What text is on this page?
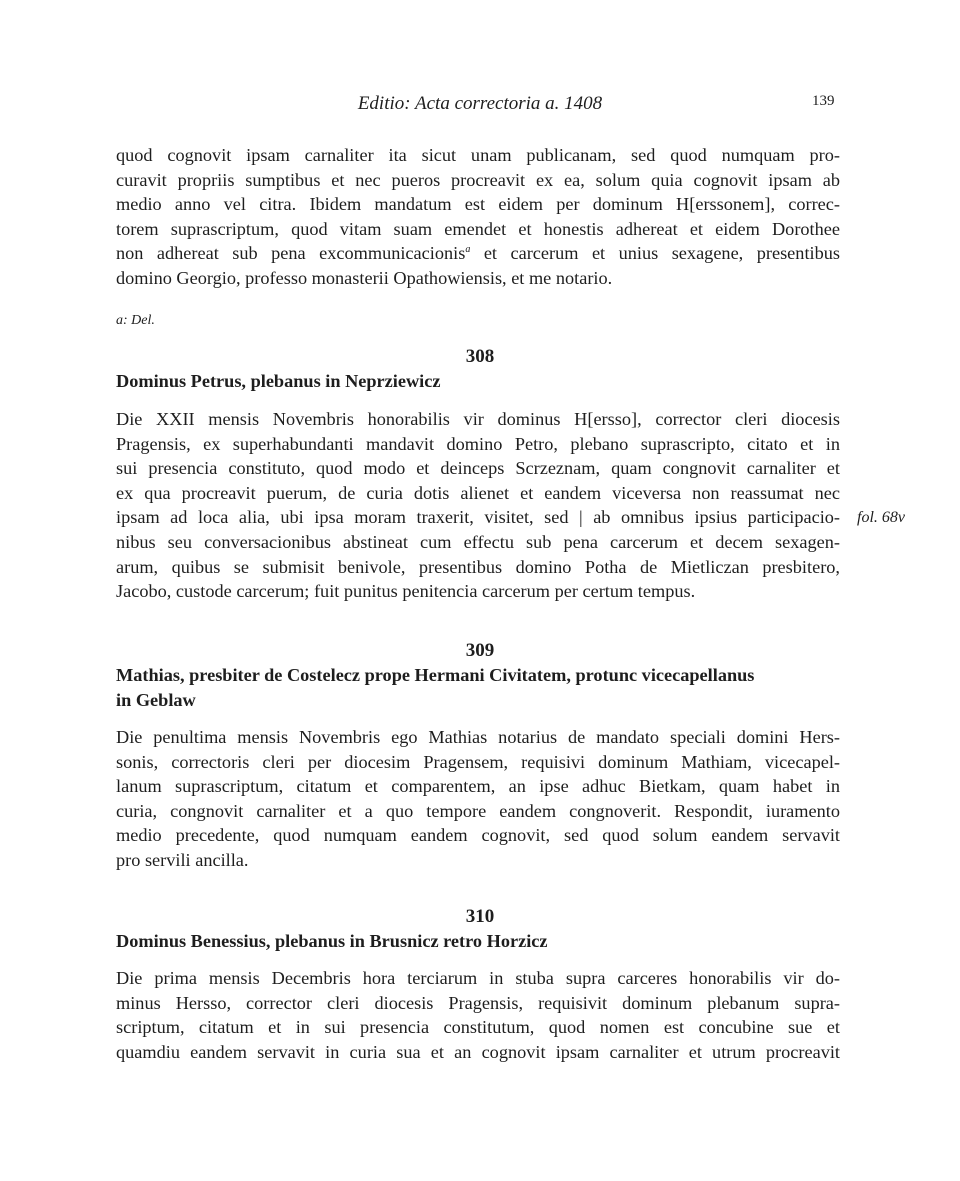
Editio: Acta correctoria a. 1408	139
quod cognovit ipsam carnaliter ita sicut unam publicanam, sed quod numquam pro-
curavit propriis sumptibus et nec pueros procreavit ex ea, solum quia cognovit ipsam ab
medio anno vel citra. Ibidem mandatum est eidem per dominum H[erssonem], correc-
torem suprascriptum, quod vitam suam emendet et honestis adhereat et eidem Dorothee
non adhereat sub pena excommunicacionis$^a$ et carcerum et unius sexagene, presentibus
domino Georgio, professo monasterii Opathowiensis, et me notario.
a: Del.
308
Dominus Petrus, plebanus in Neprziewicz
Die XXII mensis Novembris honorabilis vir dominus H[ersso], corrector cleri diocesis
Pragensis, ex superhabundanti mandavit domino Petro, plebano suprascripto, citato et in
sui presencia constituto, quod modo et deinceps Scrzeznam, quam congnovit carnaliter et
ex qua procreavit puerum, de curia dotis alienet et eandem viceversa non reassumat nec
ipsam ad loca alia, ubi ipsa moram traxerit, visitet, sed | ab omnibus ipsius participacio-
nibus seu conversacionibus abstineat cum effectu sub pena carcerum et decem sexagen-
arum, quibus se submisit benivole, presentibus domino Potha de Mietliczan presbitero,
Jacobo, custode carcerum; fuit punitus penitencia carcerum per certum tempus.
fol. 68v
309
Mathias, presbiter de Costelecz prope Hermani Civitatem, protunc vicecapellanus
in Geblaw
Die penultima mensis Novembris ego Mathias notarius de mandato speciali domini Hers-
sonis, correctoris cleri per diocesim Pragensem, requisivi dominum Mathiam, vicecapel-
lanum suprascriptum, citatum et comparentem, an ipse adhuc Bietkam, quam habet in
curia, congnovit carnaliter et a quo tempore eandem congnoverit. Respondit, iuramento
medio precedente, quod numquam eandem cognovit, sed quod solum eandem servavit
pro servili ancilla.
310
Dominus Benessius, plebanus in Brusnicz retro Horzicz
Die prima mensis Decembris hora terciarum in stuba supra carceres honorabilis vir do-
minus Hersso, corrector cleri diocesis Pragensis, requisivit dominum plebanum supra-
scriptum, citatum et in sui presencia constitutum, quod nomen est concubine sue et
quamdiu eandem servavit in curia sua et an cognovit ipsam carnaliter et utrum procreavit
